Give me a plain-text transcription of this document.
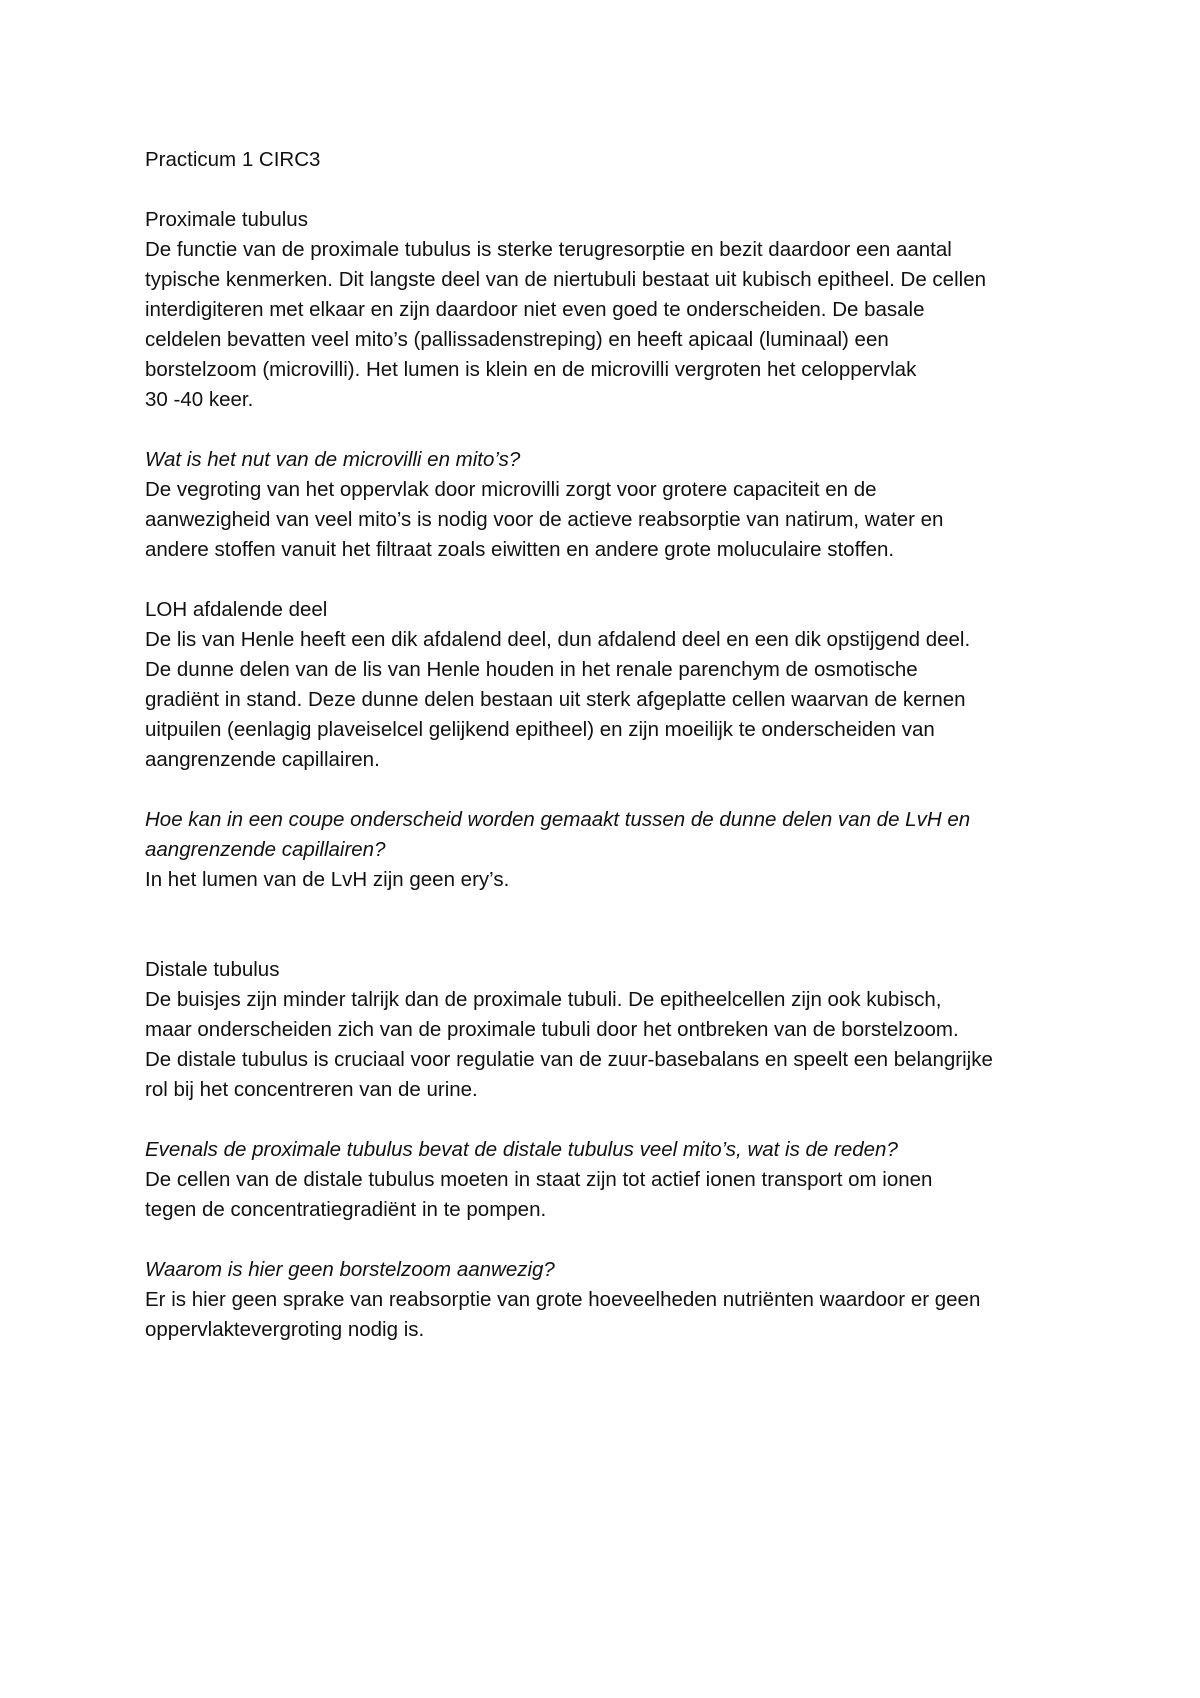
Practicum 1 CIRC3
Proximale tubulus
De functie van de proximale tubulus is sterke terugresorptie en bezit daardoor een aantal
typische kenmerken. Dit langste deel van de niertubuli bestaat uit kubisch epitheel. De cellen
interdigiteren met elkaar en zijn daardoor niet even goed te onderscheiden. De basale
celdelen bevatten veel mito’s (pallissadenstreping) en heeft apicaal (luminaal) een
borstelzoom (microvilli). Het lumen is klein en de microvilli vergroten het celoppervlak
30 -40 keer.
Wat is het nut van de microvilli en mito’s?
De vegroting van het oppervlak door microvilli zorgt voor grotere capaciteit en de
aanwezigheid van veel mito’s is nodig voor de actieve reabsorptie van natirum, water en
andere stoffen vanuit het filtraat zoals eiwitten en andere grote moluculaire stoffen.
LOH afdalende deel
De lis van Henle heeft een dik afdalend deel, dun afdalend deel en een dik opstijgend deel.
De dunne delen van de lis van Henle houden in het renale parenchym de osmotische
gradiënt in stand. Deze dunne delen bestaan uit sterk afgeplatte cellen waarvan de kernen
uitpuilen (eenlagig plaveiselcel gelijkend epitheel) en zijn moeilijk te onderscheiden van
aangrenzende capillairen.
Hoe kan in een coupe onderscheid worden gemaakt tussen de dunne delen van de LvH en
aangrenzende capillairen?
In het lumen van de LvH zijn geen ery’s.
Distale tubulus
De buisjes zijn minder talrijk dan de proximale tubuli. De epitheelcellen zijn ook kubisch,
maar onderscheiden zich van de proximale tubuli door het ontbreken van de borstelzoom.
De distale tubulus is cruciaal voor regulatie van de zuur-basebalans en speelt een belangrijke
rol bij het concentreren van de urine.
Evenals de proximale tubulus bevat de distale tubulus veel mito’s, wat is de reden?
De cellen van de distale tubulus moeten in staat zijn tot actief ionen transport om ionen
tegen de concentratiegradiënt in te pompen.
Waarom is hier geen borstelzoom aanwezig?
Er is hier geen sprake van reabsorptie van grote hoeveelheden nutriënten waardoor er geen
oppervlaktevergroting nodig is.
